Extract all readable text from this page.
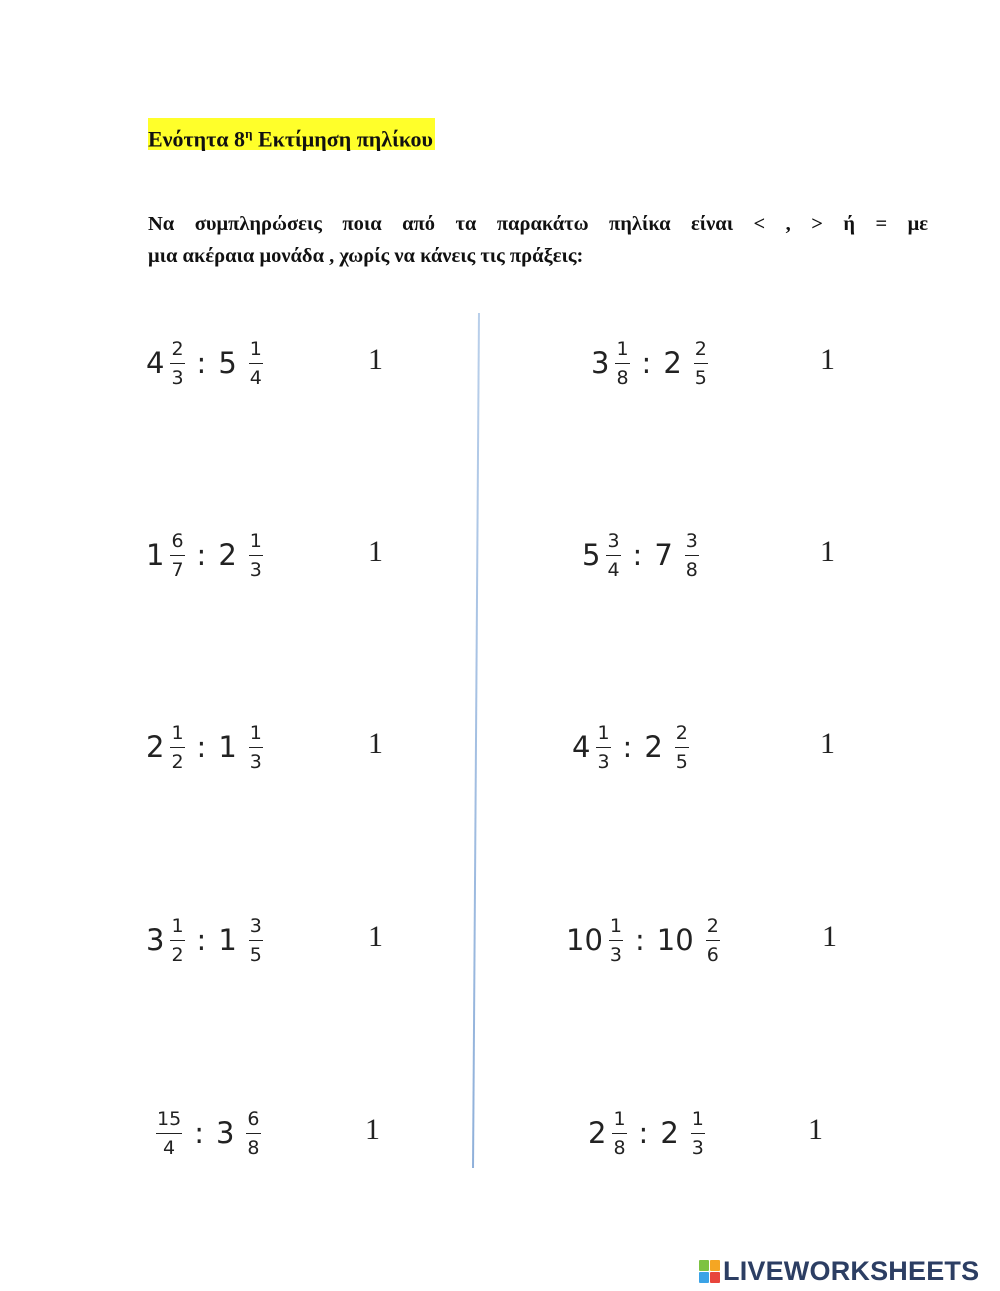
Ενότητα $8^\eta$ Εκτίμηση πηλίκου
Να συμπληρώσεις ποια από τα παρακάτω πηλίκα είναι < , > ή = με
μια ακέραια μονάδα , χωρίς να κάνεις τις πράξεις:
$4 \frac{2}{3}$ : $5 \frac{1}{4}$	1	$3 \frac{1}{8}$ : $2 \frac{2}{5}$	1
$1 \frac{6}{7}$ : $2 \frac{1}{3}$	1	$5 \frac{3}{4}$ : $7 \frac{3}{8}$	1
$2 \frac{1}{2}$ : $1 \frac{1}{3}$	1	$4 \frac{1}{3}$ : $2 \frac{2}{5}$	1
$3 \frac{1}{2}$ : $1 \frac{3}{5}$	1	$10 \frac{1}{3}$ : $10 \frac{2}{6}$	1
$\frac{15}{4}$ : $3 \frac{6}{8}$	1	$2 \frac{1}{8}$ : $2 \frac{1}{3}$	1
LIVEWORKSHEETS
